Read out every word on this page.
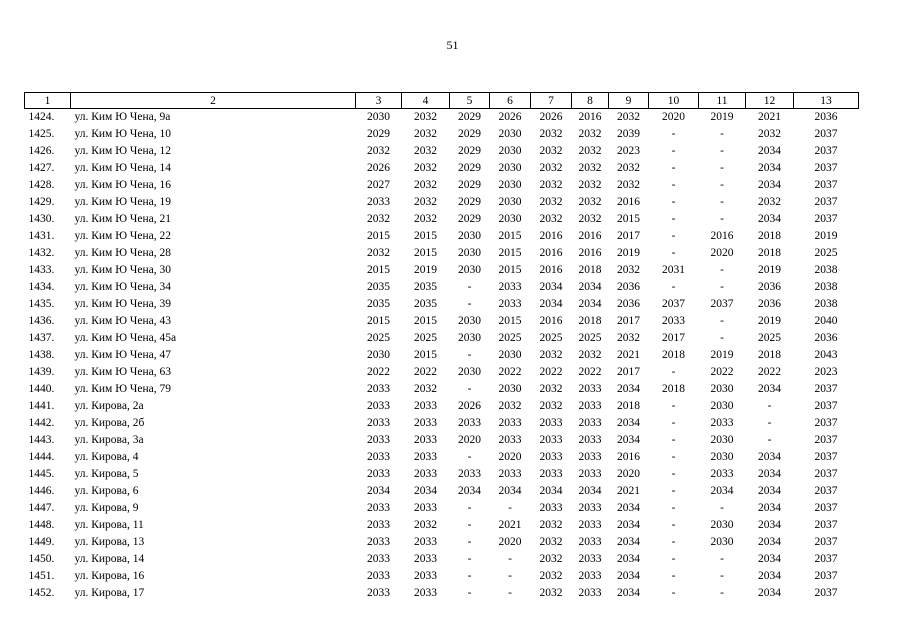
51
1	2	3	4	5	6	7	8	9	10	11	12	13
1424.	ул. Ким Ю Чена, 9а	2030	2032	2029	2026	2026	2016	2032	2020	2019	2021	2036
1425.	ул. Ким Ю Чена, 10	2029	2032	2029	2030	2032	2032	2039	-	-	2032	2037
1426.	ул. Ким Ю Чена, 12	2032	2032	2029	2030	2032	2032	2023	-	-	2034	2037
1427.	ул. Ким Ю Чена, 14	2026	2032	2029	2030	2032	2032	2032	-	-	2034	2037
1428.	ул. Ким Ю Чена, 16	2027	2032	2029	2030	2032	2032	2032	-	-	2034	2037
1429.	ул. Ким Ю Чена, 19	2033	2032	2029	2030	2032	2032	2016	-	-	2032	2037
1430.	ул. Ким Ю Чена, 21	2032	2032	2029	2030	2032	2032	2015	-	-	2034	2037
1431.	ул. Ким Ю Чена, 22	2015	2015	2030	2015	2016	2016	2017	-	2016	2018	2019
1432.	ул. Ким Ю Чена, 28	2032	2015	2030	2015	2016	2016	2019	-	2020	2018	2025
1433.	ул. Ким Ю Чена, 30	2015	2019	2030	2015	2016	2018	2032	2031	-	2019	2038
1434.	ул. Ким Ю Чена, 34	2035	2035	-	2033	2034	2034	2036	-	-	2036	2038
1435.	ул. Ким Ю Чена, 39	2035	2035	-	2033	2034	2034	2036	2037	2037	2036	2038
1436.	ул. Ким Ю Чена, 43	2015	2015	2030	2015	2016	2018	2017	2033	-	2019	2040
1437.	ул. Ким Ю Чена, 45а	2025	2025	2030	2025	2025	2025	2032	2017	-	2025	2036
1438.	ул. Ким Ю Чена, 47	2030	2015	-	2030	2032	2032	2021	2018	2019	2018	2043
1439.	ул. Ким Ю Чена, 63	2022	2022	2030	2022	2022	2022	2017	-	2022	2022	2023
1440.	ул. Ким Ю Чена, 79	2033	2032	-	2030	2032	2033	2034	2018	2030	2034	2037
1441.	ул. Кирова, 2а	2033	2033	2026	2032	2032	2033	2018	-	2030	-	2037
1442.	ул. Кирова, 2б	2033	2033	2033	2033	2033	2033	2034	-	2033	-	2037
1443.	ул. Кирова, 3а	2033	2033	2020	2033	2033	2033	2034	-	2030	-	2037
1444.	ул. Кирова, 4	2033	2033	-	2020	2033	2033	2016	-	2030	2034	2037
1445.	ул. Кирова, 5	2033	2033	2033	2033	2033	2033	2020	-	2033	2034	2037
1446.	ул. Кирова, 6	2034	2034	2034	2034	2034	2034	2021	-	2034	2034	2037
1447.	ул. Кирова, 9	2033	2033	-	-	2033	2033	2034	-	-	2034	2037
1448.	ул. Кирова, 11	2033	2032	-	2021	2032	2033	2034	-	2030	2034	2037
1449.	ул. Кирова, 13	2033	2033	-	2020	2032	2033	2034	-	2030	2034	2037
1450.	ул. Кирова, 14	2033	2033	-	-	2032	2033	2034	-	-	2034	2037
1451.	ул. Кирова, 16	2033	2033	-	-	2032	2033	2034	-	-	2034	2037
1452.	ул. Кирова, 17	2033	2033	-	-	2032	2033	2034	-	-	2034	2037
